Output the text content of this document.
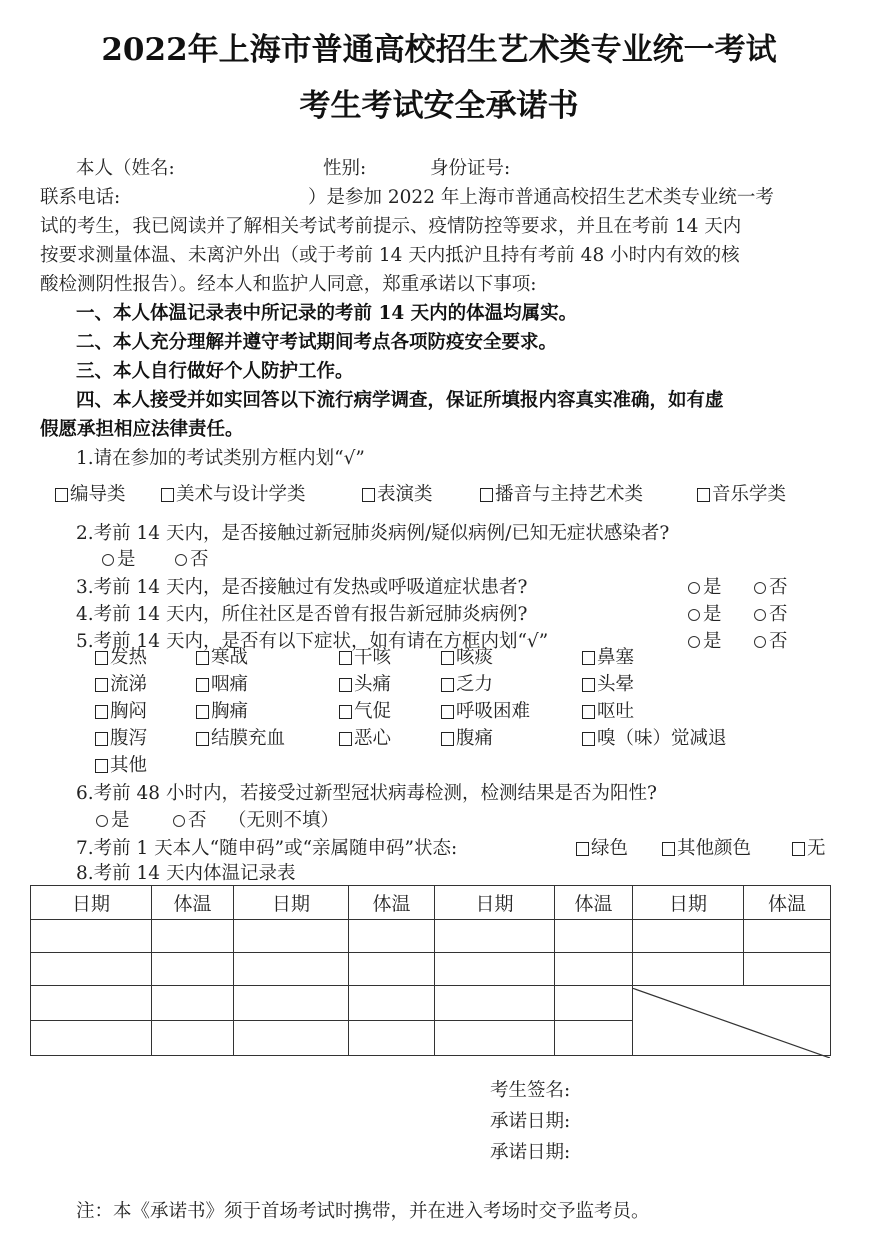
2022年上海市普通高校招生艺术类专业统一考试
考生考试安全承诺书
本人（姓名:	性别:	身份证号:
联系电话:	）是参加 2022 年上海市普通高校招生艺术类专业统一考
试的考生，我已阅读并了解相关考试考前提示、疫情防控等要求，并且在考前 14 天内
按要求测量体温、未离沪外出（或于考前 14 天内抵沪且持有考前 48 小时内有效的核
酸检测阴性报告）。经本人和监护人同意，郑重承诺以下事项:
一、本人体温记录表中所记录的考前 14 天内的体温均属实。
二、本人充分理解并遵守考试期间考点各项防疫安全要求。
三、本人自行做好个人防护工作。
四、本人接受并如实回答以下流行病学调查，保证所填报内容真实准确，如有虚
假愿承担相应法律责任。
1.请在参加的考试类别方框内划“√”
编导类	美术与设计学类	表演类	播音与主持艺术类	音乐学类
2.考前 14 天内，是否接触过新冠肺炎病例/疑似病例/已知无症状感染者?
是	否
3.考前 14 天内，是否接触过有发热或呼吸道症状患者?	是	否
4.考前 14 天内，所住社区是否曾有报告新冠肺炎病例?	是	否
5.考前 14 天内，是否有以下症状，如有请在方框内划“√”	是	否
发热	寒战	干咳	咳痰	鼻塞
流涕	咽痛	头痛	乏力	头晕
胸闷	胸痛	气促	呼吸困难	呕吐
腹泻	结膜充血	恶心	腹痛	嗅（味）觉减退
其他
6.考前 48 小时内，若接受过新型冠状病毒检测，检测结果是否为阳性?
是	否 （无则不填）
7.考前 1 天本人“随申码”或“亲属随申码”状态:	绿色	其他颜色	无
8.考前 14 天内体温记录表
日期	体温	日期	体温	日期	体温	日期	体温

考生签名:
承诺日期:
承诺日期:
注：本《承诺书》须于首场考试时携带，并在进入考场时交予监考员。
